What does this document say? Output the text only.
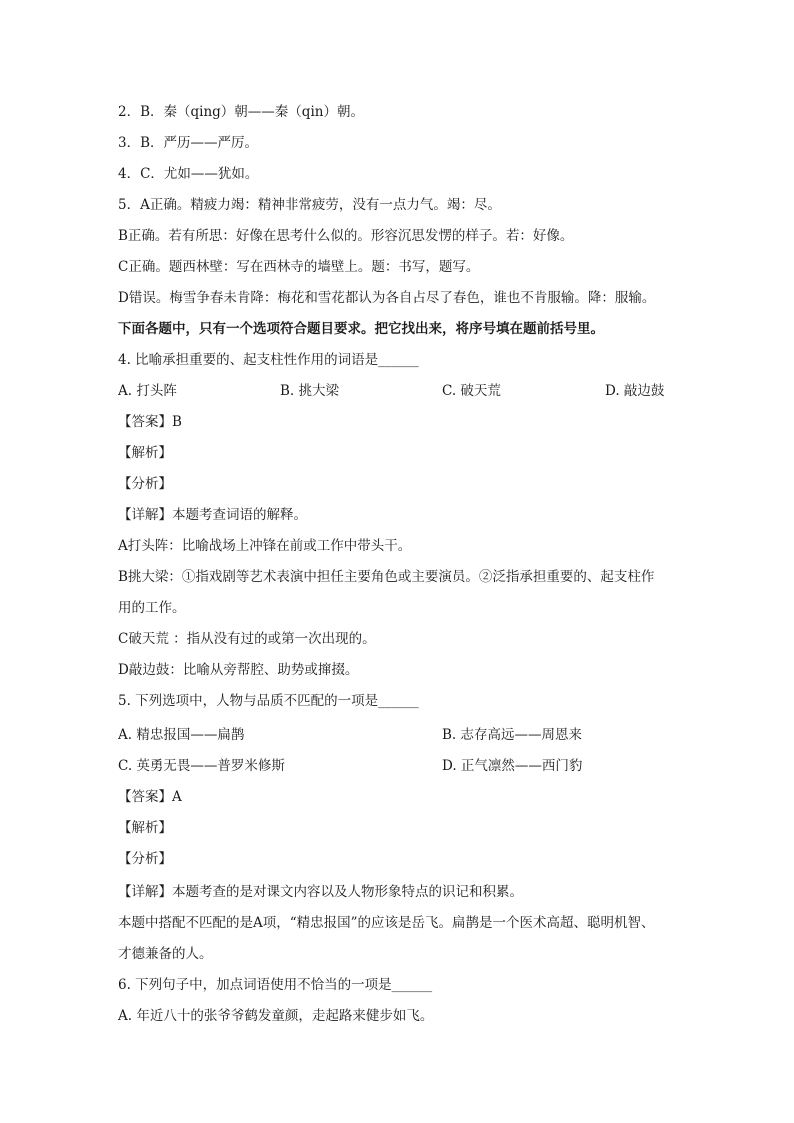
2．B．秦（qing）朝——秦（qin）朝。
3．B．严历——严厉。
4．C．尤如——犹如。
5．A正确。精疲力竭：精神非常疲劳，没有一点力气。竭：尽。
B正确。若有所思：好像在思考什么似的。形容沉思发愣的样子。若：好像。
C正确。题西林壁：写在西林寺的墙壁上。题：书写，题写。
D错误。梅雪争春未肯降：梅花和雪花都认为各自占尽了春色，谁也不肯服输。降：服输。
下面各题中，只有一个选项符合题目要求。把它找出来，将序号填在题前括号里。
4. 比喻承担重要的、起支柱性作用的词语是______
A. 打头阵	B. 挑大梁	C. 破天荒	D. 敲边鼓
【答案】B
【解析】
【分析】
【详解】本题考查词语的解释。
A打头阵：比喻战场上冲锋在前或工作中带头干。
B挑大梁：①指戏剧等艺术表演中担任主要角色或主要演员。②泛指承担重要的、起支柱作
用的工作。
C破天荒 ：指从没有过的或第一次出现的。
D敲边鼓：比喻从旁帮腔、助势或撺掇。
5. 下列选项中，人物与品质不匹配的一项是______
A. 精忠报国——扁鹊	B. 志存高远——周恩来
C. 英勇无畏——普罗米修斯	D. 正气凛然——西门豹
【答案】A
【解析】
【分析】
【详解】本题考查的是对课文内容以及人物形象特点的识记和积累。
本题中搭配不匹配的是A项，“精忠报国”的应该是岳飞。扁鹊是一个医术高超、聪明机智、
才德兼备的人。
6. 下列句子中，加点词语使用不恰当的一项是______
A. 年近八十的张爷爷鹤发童颜，走起路来健步如飞。
